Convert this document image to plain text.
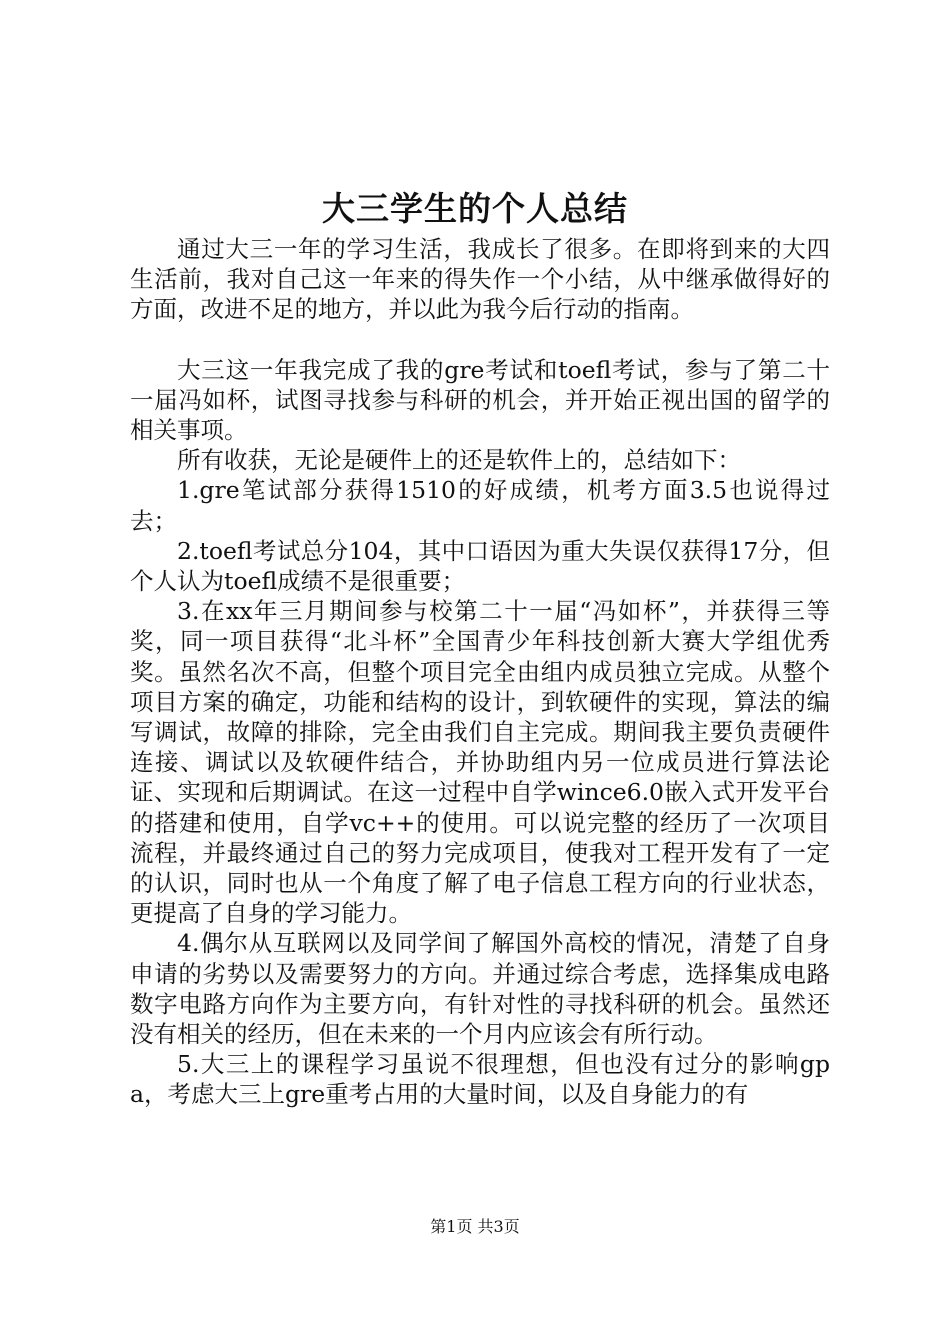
大三学生的个人总结

通过大三一年的学习生活，我成长了很多。在即将到来的大四生活前，我对自己这一年来的得失作一个小结，从中继承做得好的方面，改进不足的地方，并以此为我今后行动的指南。

大三这一年我完成了我的gre考试和toefl考试，参与了第二十一届冯如杯，试图寻找参与科研的机会，并开始正视出国的留学的相关事项。

所有收获，无论是硬件上的还是软件上的，总结如下：

1.gre笔试部分获得1510的好成绩，机考方面3.5也说得过去；

2.toefl考试总分104，其中口语因为重大失误仅获得17分，但个人认为toefl成绩不是很重要；

3.在xx年三月期间参与校第二十一届“冯如杯”，并获得三等奖，同一项目获得“北斗杯”全国青少年科技创新大赛大学组优秀奖。虽然名次不高，但整个项目完全由组内成员独立完成。从整个项目方案的确定，功能和结构的设计，到软硬件的实现，算法的编写调试，故障的排除，完全由我们自主完成。期间我主要负责硬件连接、调试以及软硬件结合，并协助组内另一位成员进行算法论证、实现和后期调试。在这一过程中自学wince6.0嵌入式开发平台的搭建和使用，自学vc++的使用。可以说完整的经历了一次项目流程，并最终通过自己的努力完成项目，使我对工程开发有了一定的认识，同时也从一个角度了解了电子信息工程方向的行业状态，更提高了自身的学习能力。

4.偶尔从互联网以及同学间了解国外高校的情况，清楚了自身申请的劣势以及需要努力的方向。并通过综合考虑，选择集成电路数字电路方向作为主要方向，有针对性的寻找科研的机会。虽然还没有相关的经历，但在未来的一个月内应该会有所行动。

5.大三上的课程学习虽说不很理想，但也没有过分的影响gpa，考虑大三上gre重考占用的大量时间，以及自身能力的有

第1页 共3页
